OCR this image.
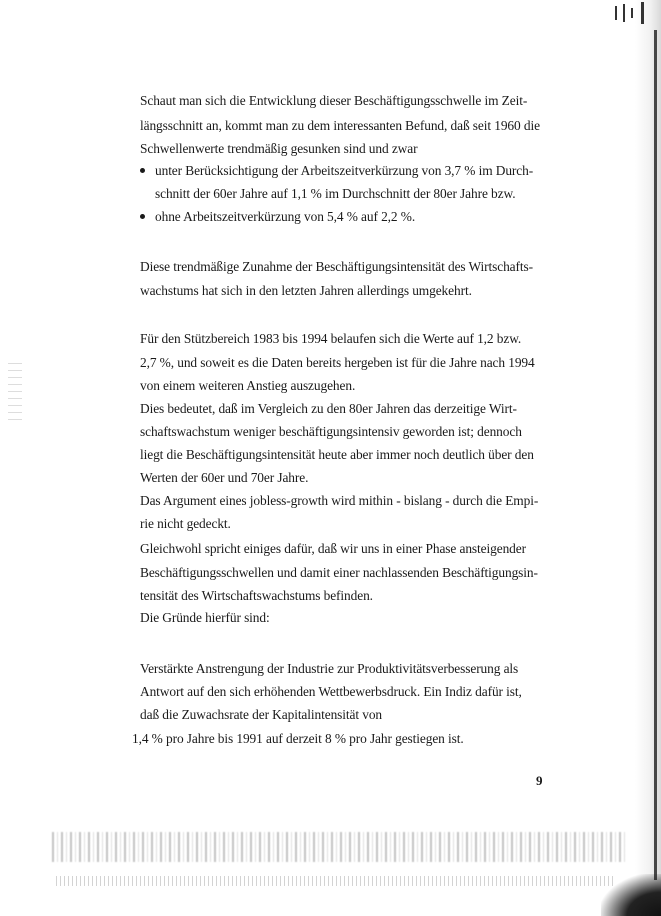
Schaut man sich die Entwicklung dieser Beschäftigungsschwelle im Zeit-
längsschnitt an, kommt man zu dem interessanten Befund, daß seit 1960 die
Schwellenwerte trendmäßig gesunken sind und zwar
unter Berücksichtigung der Arbeitszeitverkürzung von 3,7 % im Durch-
schnitt der 60er Jahre auf 1,1 % im Durchschnitt der 80er Jahre bzw.
ohne Arbeitszeitverkürzung von 5,4 % auf 2,2 %.
Diese trendmäßige Zunahme der Beschäftigungsintensität des Wirtschafts-
wachstums hat sich in den letzten Jahren allerdings umgekehrt.
Für den Stützbereich 1983 bis 1994 belaufen sich die Werte auf 1,2 bzw.
2,7 %, und soweit es die Daten bereits hergeben ist für die Jahre nach 1994
von einem weiteren Anstieg auszugehen.
Dies bedeutet, daß im Vergleich zu den 80er Jahren das derzeitige Wirt-
schaftswachstum weniger beschäftigungsintensiv geworden ist; dennoch
liegt die Beschäftigungsintensität heute aber immer noch deutlich über den
Werten der 60er und 70er Jahre.
Das Argument eines jobless-growth wird mithin - bislang - durch die Empi-
rie nicht gedeckt.
Gleichwohl spricht einiges dafür, daß wir uns in einer Phase ansteigender
Beschäftigungsschwellen und damit einer nachlassenden Beschäftigungsin-
tensität des Wirtschaftswachstums befinden.
Die Gründe hierfür sind:
Verstärkte Anstrengung der Industrie zur Produktivitätsverbesserung als
Antwort auf den sich erhöhenden Wettbewerbsdruck. Ein Indiz dafür ist,
daß die Zuwachsrate der Kapitalintensität von
1,4 % pro Jahre bis 1991 auf derzeit 8 % pro Jahr gestiegen ist.
9
